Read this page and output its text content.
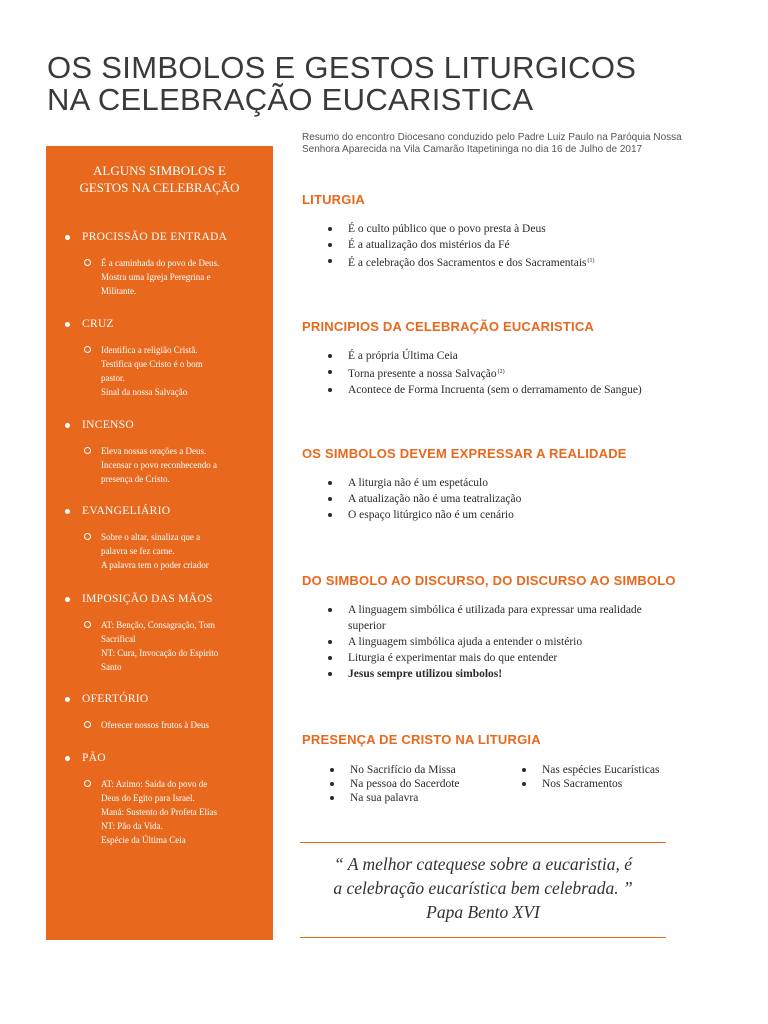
OS SIMBOLOS E GESTOS LITURGICOS
NA CELEBRAÇÃO EUCARISTICA
Resumo do encontro Diocesano conduzido pelo Padre Luiz Paulo na Paróquia Nossa
Senhora Aparecida na Vila Camarão Itapetininga no dia 16 de Julho de 2017
ALGUNS SIMBOLOS E
GESTOS NA CELEBRAÇÃO
PROCISSÃO DE ENTRADA
É a caminhada do povo de Deus.
Mostra uma Igreja Peregrina e
Militante.
CRUZ
Identifica a religião Cristã.
Testifica que Cristo é o bom
pastor.
Sinal da nossa Salvação
INCENSO
Eleva nossas orações a Deus.
Incensar o povo reconhecendo a
presença de Cristo.
EVANGELIÁRIO
Sobre o altar, sinaliza que a
palavra se fez carne.
A palavra tem o poder criador
IMPOSIÇÃO DAS MÃOS
AT: Benção, Consagração, Tom
Sacrifical
NT: Cura, Invocação do Espirito
Santo
OFERTÓRIO
Oferecer nossos frutos à Deus
PÃO
AT: Azimo: Saída do povo de
Deus do Egito para Israel.
Maná: Sustento do Profeta Elias
NT: Pão da Vida.
Espécie da Última Ceia
LITURGIA
É o culto público que o povo presta à Deus
É a atualização dos mistérios da Fé
É a celebração dos Sacramentos e dos Sacramentais$^{(1)}$
PRINCIPIOS DA CELEBRAÇÃO EUCARISTICA
É a própria Última Ceia
Torna presente a nossa Salvação$^{(2)}$
Acontece de Forma Incruenta (sem o derramamento de Sangue)
OS SIMBOLOS DEVEM EXPRESSAR A REALIDADE
A liturgia não é um espetáculo
A atualização não é uma teatralização
O espaço litúrgico não é um cenário
DO SIMBOLO AO DISCURSO, DO DISCURSO AO SIMBOLO
A linguagem simbólica é utilizada para expressar uma realidade superior
A linguagem simbólica ajuda a entender o mistério
Liturgia é experimentar mais do que entender
Jesus sempre utilizou simbolos!
PRESENÇA DE CRISTO NA LITURGIA
No Sacrifício da Missa
Na pessoa do Sacerdote
Na sua palavra
Nas espécies Eucarísticas
Nos Sacramentos
“ A melhor catequese sobre a eucaristia, é
a celebração eucarística bem celebrada. ”
Papa Bento XVI
